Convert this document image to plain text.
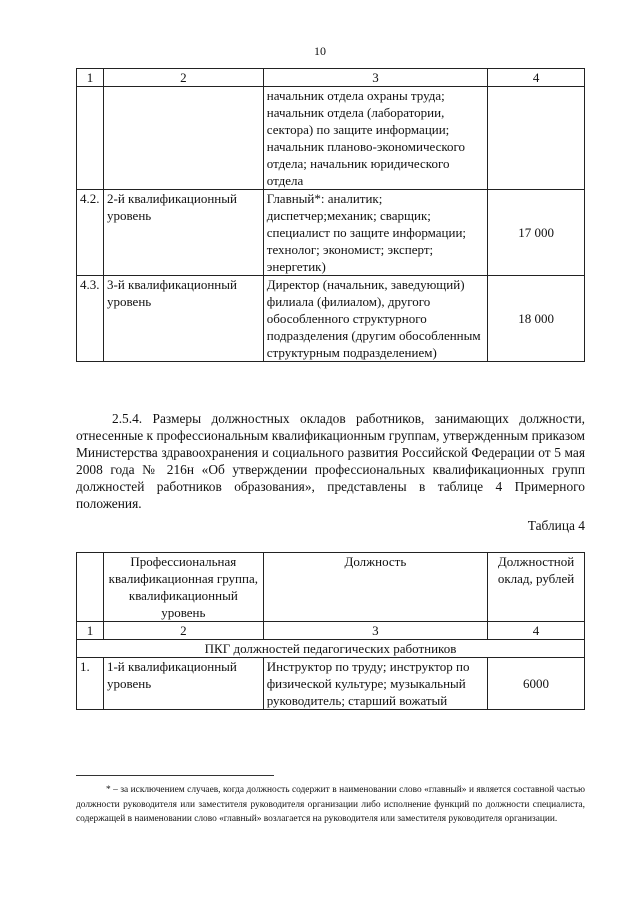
10
1	2	3	4
		начальник отдела охраны труда; начальник отдела (лаборатории, сектора) по защите информации; начальник планово-экономического отдела; начальник юридического отдела	
4.2.	2-й квалификационный уровень	Главный*: аналитик; диспетчер;механик; сварщик; специалист по защите информации; технолог; экономист; эксперт; энергетик)	17 000
4.3.	3-й квалификационный уровень	Директор (начальник, заведующий) филиала (филиалом), другого обособленного структурного подразделения (другим обособленным структурным подразделением)	18 000
2.5.4. Размеры должностных окладов работников, занимающих должности, отнесенные к профессиональным квалификационным группам, утвержденным приказом Министерства здравоохранения и социального развития Российской Федерации от 5 мая 2008 года № 216н «Об утверждении профессиональных квалификационных групп должностей работников образования», представлены в таблице 4 Примерного положения.
Таблица 4
	Профессиональная квалификационная группа, квалификационный уровень	Должность	Должностной оклад, рублей
1	2	3	4
ПКГ должностей педагогических работников			
1.	1-й квалификационный уровень	Инструктор по труду; инструктор по физической культуре; музыкальный руководитель; старший вожатый	6000
* – за исключением случаев, когда должность содержит в наименовании слово «главный» и является составной частью должности руководителя или заместителя руководителя организации либо исполнение функций по должности специалиста, содержащей в наименовании слово «главный» возлагается на руководителя или заместителя руководителя организации.
